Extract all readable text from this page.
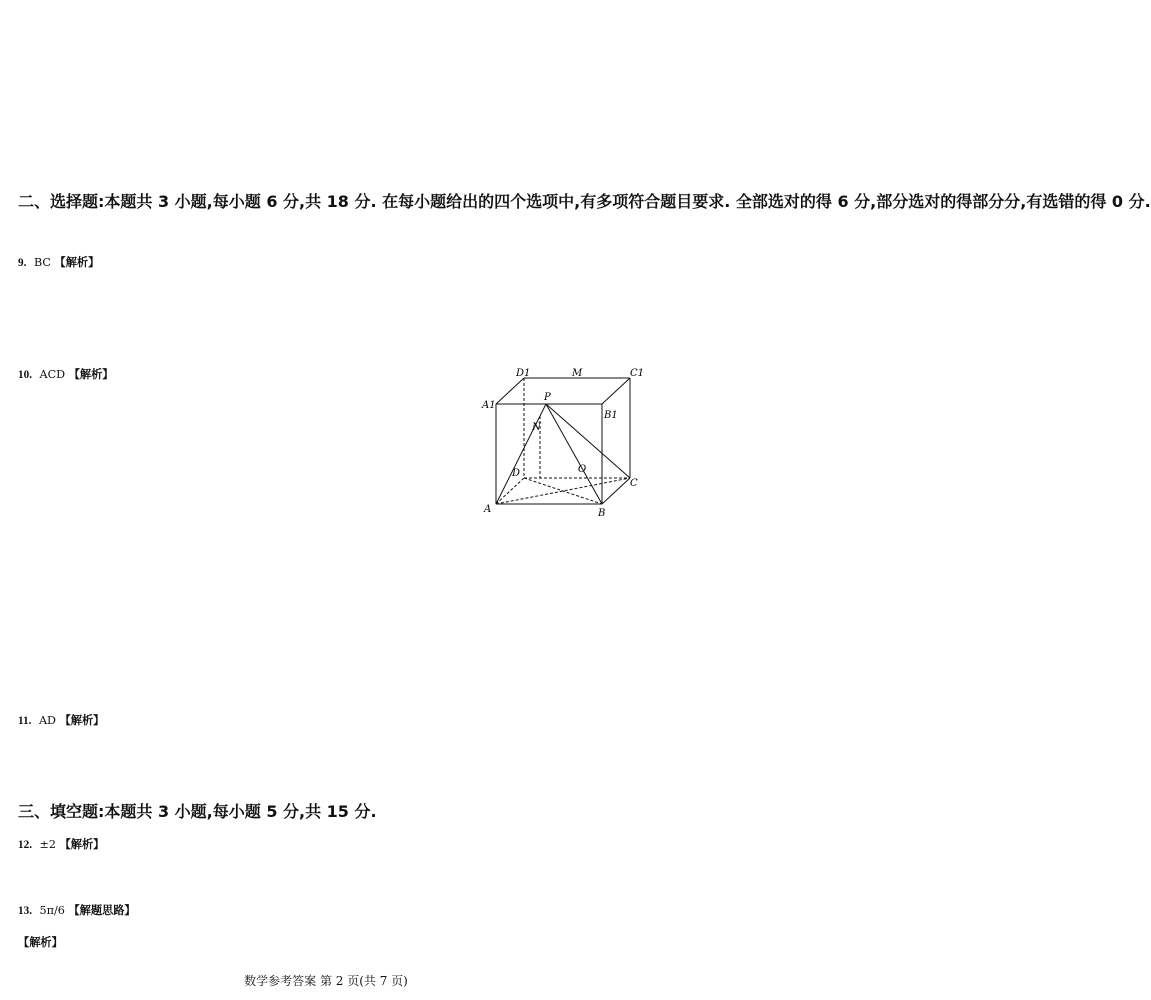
二、选择题:本题共 3 小题,每小题 6 分,共 18 分. 在每小题给出的四个选项中,有多项符合题目要求. 全部选对的得 6 分,部分选对的得部分分,有选错的得 0 分.
9. BC 【解析】
10. ACD 【解析】	D1	M	C1
A1
P
B1
N
D	O
C
A	B
11. AD 【解析】
三、填空题:本题共 3 小题,每小题 5 分,共 15 分.
12. ±2 【解析】
13. 5π/6 【解题思路】
【解析】
数学参考答案 第 2 页(共 7 页)
